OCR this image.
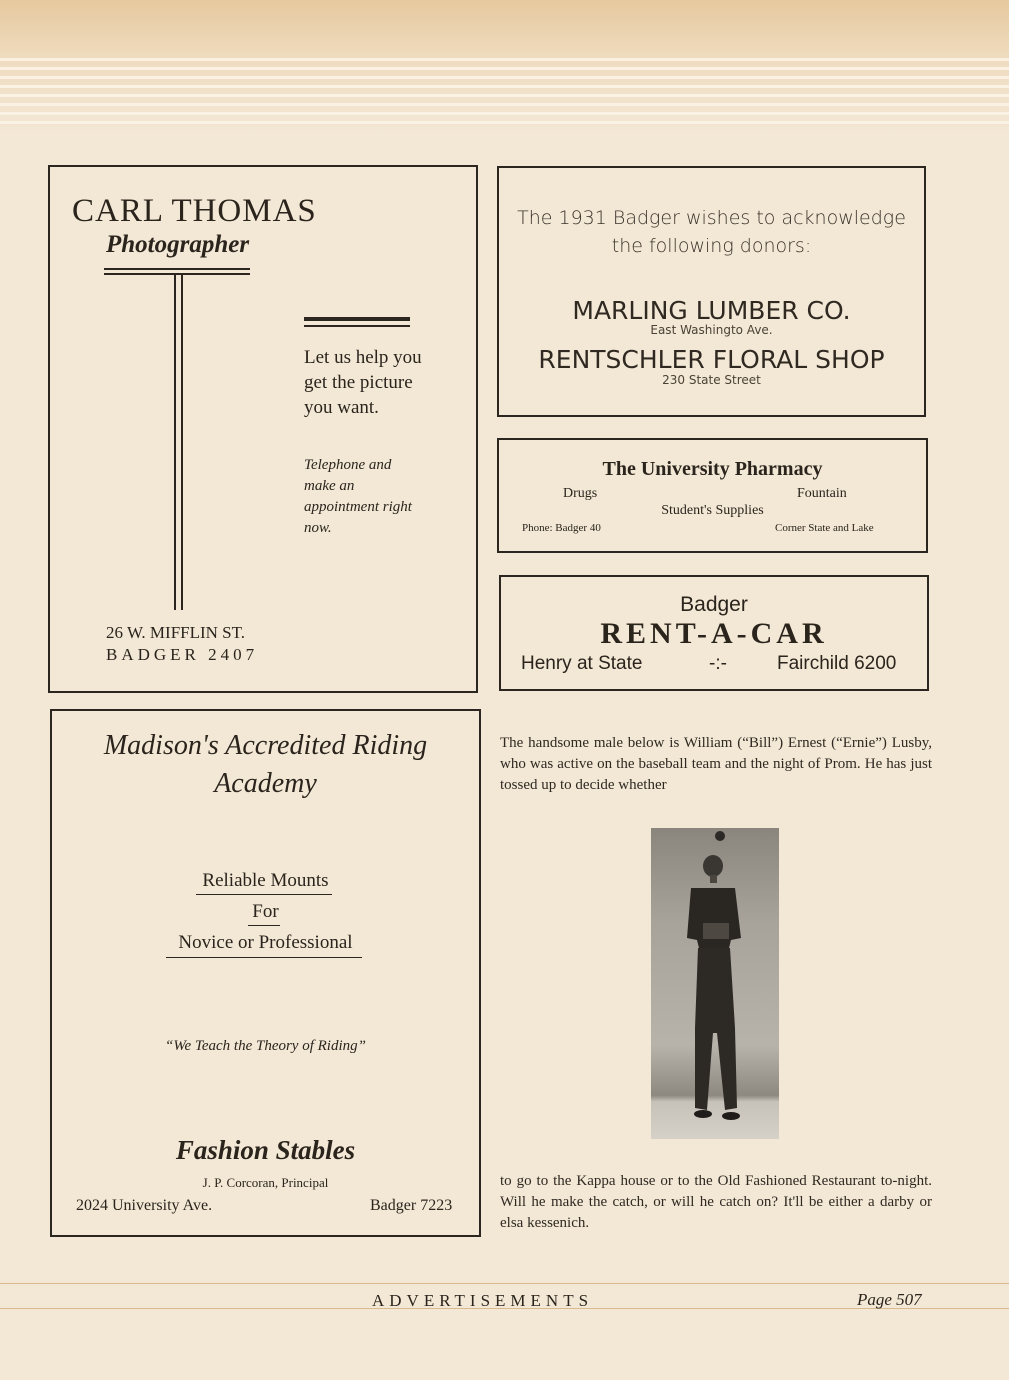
CARL THOMAS
Photographer
Let us help you get the picture you want.
Telephone and make an appointment right now.
26 W. MIFFLIN ST.
BADGER 2407
The 1931 Badger wishes to acknowledge
the following donors:
MARLING LUMBER CO.
East Washingto Ave.
RENTSCHLER FLORAL SHOP
230 State Street
The University Pharmacy
Drugs	Fountain
Student's Supplies
Phone: Badger 40	Corner State and Lake
Badger
RENT-A-CAR
Henry at State	-:-	Fairchild 6200
Madison's Accredited Riding
Academy
Reliable Mounts
For
Novice or Professional
“We Teach the Theory of Riding”
Fashion Stables
J. P. Corcoran, Principal
2024 University Ave.	Badger 7223
The handsome male below is William (“Bill”) Ernest (“Ernie”) Lusby, who was active on the baseball team and the night of Prom. He has just tossed up to decide whether
to go to the Kappa house or to the Old Fashioned Restaurant to-night. Will he make the catch, or will he catch on? It'll be either a darby or elsa kessenich.
ADVERTISEMENTS	Page 507
